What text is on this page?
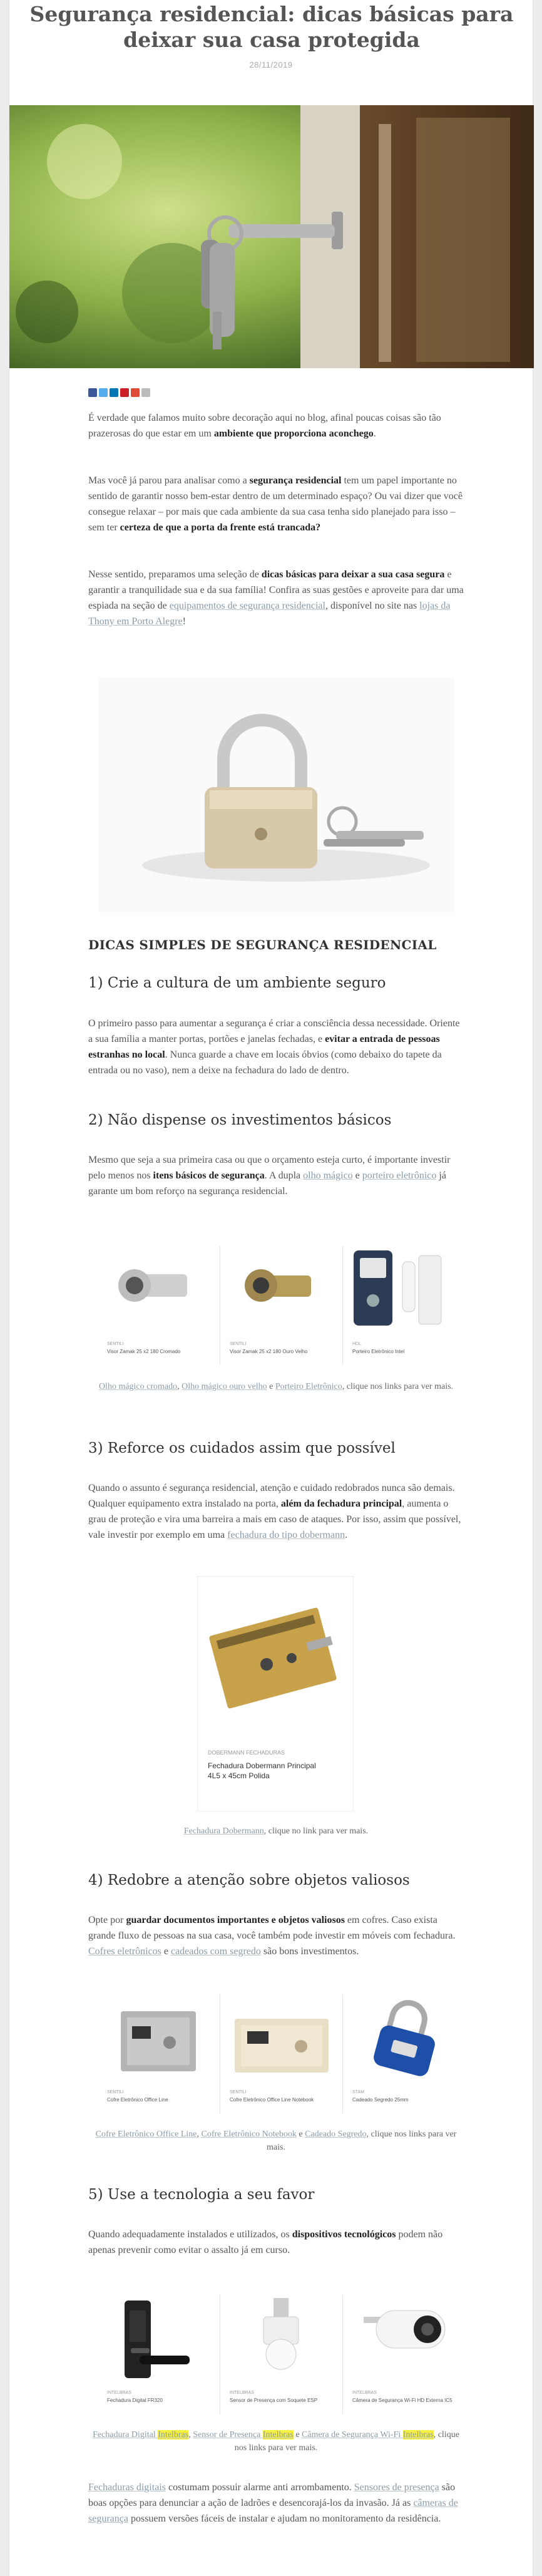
Segurança residencial: dicas básicas para deixar sua casa protegida
28/11/2019

É verdade que falamos muito sobre decoração aqui no blog, afinal poucas coisas são tão prazerosas do que estar em um ambiente que proporciona aconchego.

Mas você já parou para analisar como a segurança residencial tem um papel importante no sentido de garantir nosso bem-estar dentro de um determinado espaço? Ou vai dizer que você consegue relaxar – por mais que cada ambiente da sua casa tenha sido planejado para isso – sem ter certeza de que a porta da frente está trancada?

Nesse sentido, preparamos uma seleção de dicas básicas para deixar a sua casa segura e garantir a tranquilidade sua e da sua família! Confira as suas gestões e aproveite para dar uma espiada na seção de equipamentos de segurança residencial, disponível no site nas lojas da Thony em Porto Alegre!

DICAS SIMPLES DE SEGURANÇA RESIDENCIAL
1) Crie a cultura de um ambiente seguro

O primeiro passo para aumentar a segurança é criar a consciência dessa necessidade. Oriente a sua família a manter portas, portões e janelas fechadas, e evitar a entrada de pessoas estranhas no local. Nunca guarde a chave em locais óbvios (como debaixo do tapete da entrada ou no vaso), nem a deixe na fechadura do lado de dentro.

2) Não dispense os investimentos básicos

Mesmo que seja a sua primeira casa ou que o orçamento esteja curto, é importante investir pelo menos nos itens básicos de segurança. A dupla olho mágico e porteiro eletrônico já garante um bom reforço na segurança residencial.

SENTILI
Visor Zamak 25 x2 180 Cromado
SENTILI
Visor Zamak 25 x2 180 Ouro Velho
HDL
Porteiro Eletrônico Intel
Olho mágico cromado, Olho mágico ouro velho e Porteiro Eletrônico, clique nos links para ver mais.
3) Reforce os cuidados assim que possível

Quando o assunto é segurança residencial, atenção e cuidado redobrados nunca são demais. Qualquer equipamento extra instalado na porta, além da fechadura principal, aumenta o grau de proteção e vira uma barreira a mais em caso de ataques. Por isso, assim que possível, vale investir por exemplo em uma fechadura do tipo dobermann.

DOBERMANN FECHADURAS
Fechadura Dobermann Principal 4L5 x 45cm Polida
Fechadura Dobermann, clique no link para ver mais.
4) Redobre a atenção sobre objetos valiosos

Opte por guardar documentos importantes e objetos valiosos em cofres. Caso exista grande fluxo de pessoas na sua casa, você também pode investir em móveis com fechadura. Cofres eletrônicos e cadeados com segredo são bons investimentos.

SENTILI
Cofre Eletrônico Office Line
SENTILI
Cofre Eletrônico Office Line Notebook
STAM
Cadeado Segredo 25mm
Cofre Eletrônico Office Line, Cofre Eletrônico Notebook e Cadeado Segredo, clique nos links para ver mais.
5) Use a tecnologia a seu favor

Quando adequadamente instalados e utilizados, os dispositivos tecnológicos podem não apenas prevenir como evitar o assalto já em curso.

INTELBRAS
Fechadura Digital FR320
INTELBRAS
Sensor de Presença com Soquete ESP
INTELBRAS
Câmera de Segurança Wi-Fi HD Externa IC5
Fechadura Digital Intelbras, Sensor de Presença Intelbras e Câmera de Segurança Wi-Fi Intelbras, clique nos links para ver mais.

Fechaduras digitais costumam possuir alarme anti arrombamento. Sensores de presença são boas opções para denunciar a ação de ladrões e desencorajá-los da invasão. Já as câmeras de segurança possuem versões fáceis de instalar e ajudam no monitoramento da residência.
